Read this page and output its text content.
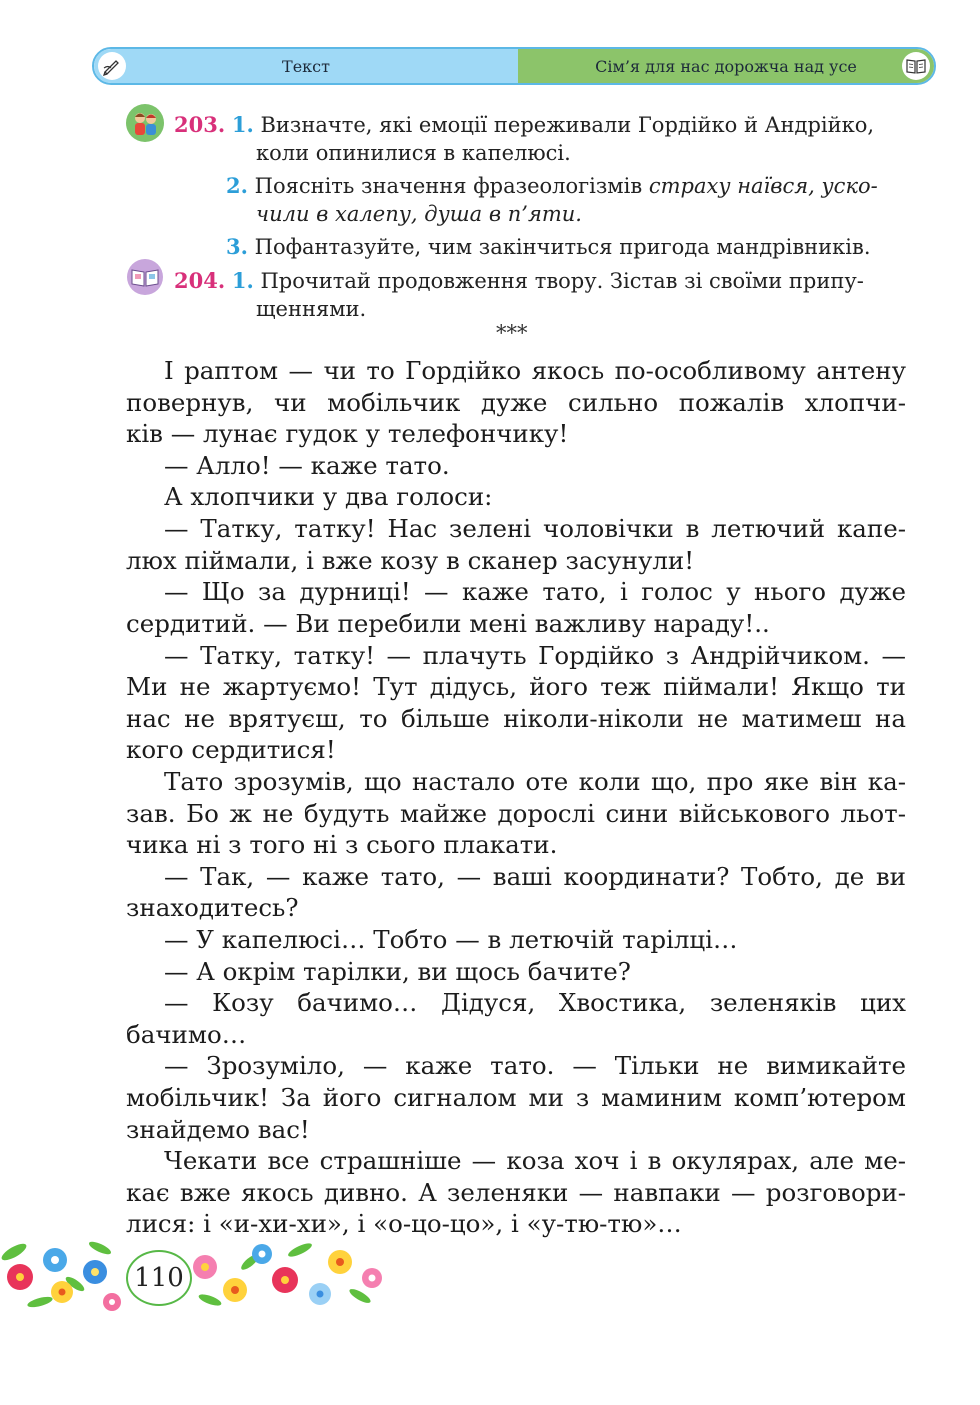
Текст	Сім’я для нас дорожча над усе
203. 1. Визначте, які емоції переживали Гордійко й Андрійко,
коли опинилися в капелюсі.
2. Поясніть значення фразеологізмів страху наївся, уско-
чили в халепу, душа в п’яти.
3. Пофантазуйте, чим закінчиться пригода мандрівників.
204. 1. Прочитай продовження твору. Зістав зі своїми припу-
щеннями.
***
І раптом — чи то Гордійко якось по-особливому антену
повернув, чи мобільчик дуже сильно пожалів хлопчи-
ків — лунає гудок у телефончику!
— Алло! — каже тато.
А хлопчики у два голоси:
— Татку, татку! Нас зелені чоловічки в летючий капе-
люх піймали, і вже козу в сканер засунули!
— Що за дурниці! — каже тато, і голос у нього дуже
сердитий. — Ви перебили мені важливу нараду!..
— Татку, татку! — плачуть Гордійко з Андрійчиком. —
Ми не жартуємо! Тут дідусь, його теж піймали! Якщо ти
нас не врятуєш, то більше ніколи-ніколи не матимеш на
кого сердитися!
Тато зрозумів, що настало оте коли що, про яке він ка-
зав. Бо ж не будуть майже дорослі сини військового льот-
чика ні з того ні з сього плакати.
— Так, — каже тато, — ваші координати? Тобто, де ви
знаходитесь?
— У капелюсі… Тобто — в летючій тарілці…
— А окрім тарілки, ви щось бачите?
— Козу бачимо… Дідуся, Хвостика, зеленяків цих
бачимо…
— Зрозуміло, — каже тато. — Тільки не вимикайте
мобільчик! За його сигналом ми з маминим комп’ютером
знайдемо вас!
Чекати все страшніше — коза хоч і в окулярах, але ме-
кає вже якось дивно. А зеленяки — навпаки — розговори-
лися: і «и-хи-хи», і «о-цо-цо», і «у-тю-тю»…
110
